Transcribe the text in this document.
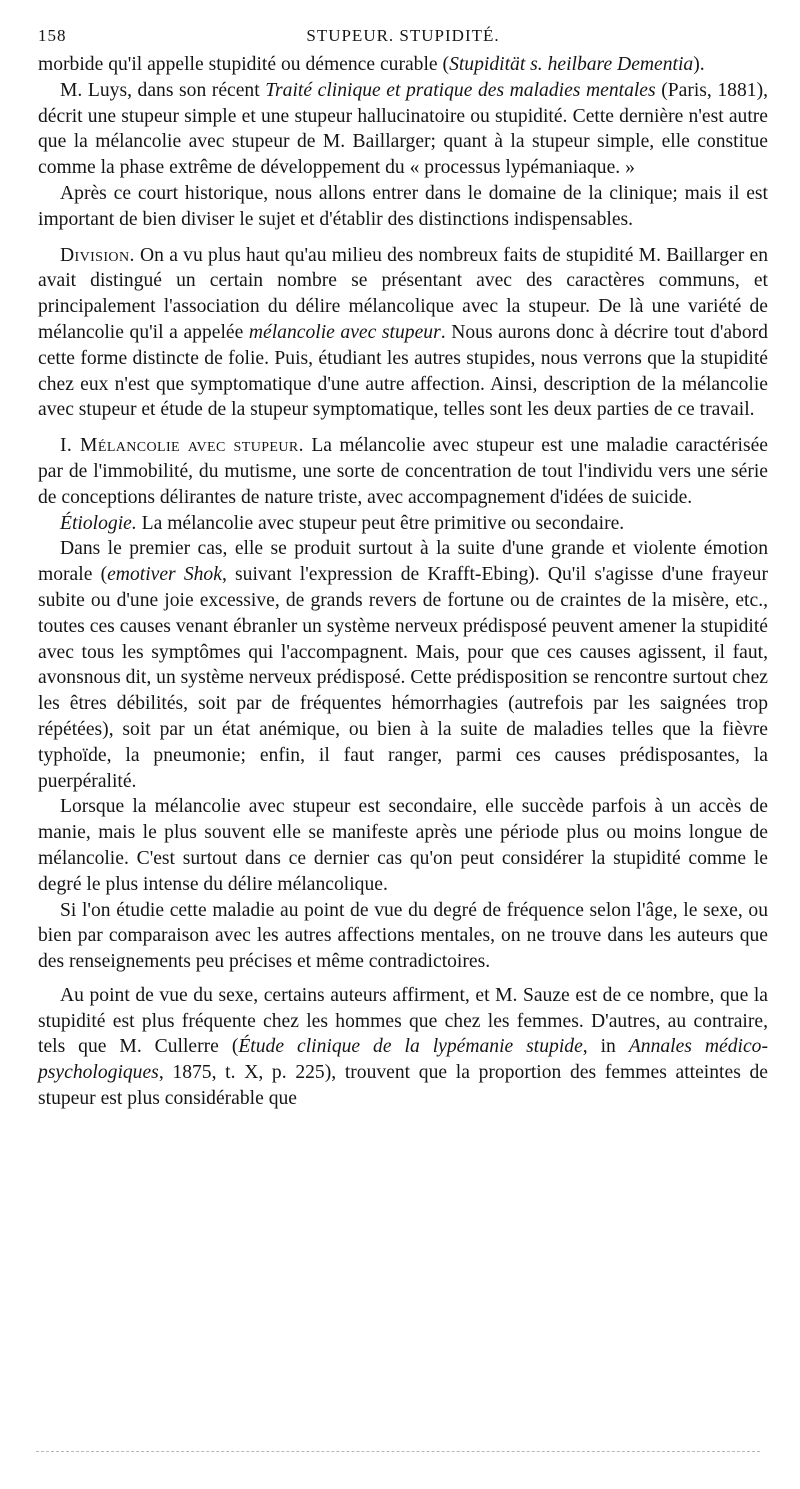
158	STUPEUR. STUPIDITÉ.

morbide qu'il appelle stupidité ou démence curable (Stupidität s. heilbare Dementia).

M. Luys, dans son récent Traité clinique et pratique des maladies mentales (Paris, 1881), décrit une stupeur simple et une stupeur hallucinatoire ou stupidité. Cette dernière n'est autre que la mélancolie avec stupeur de M. Baillarger; quant à la stupeur simple, elle constitue comme la phase extrême de développement du « processus lypémaniaque. »

Après ce court historique, nous allons entrer dans le domaine de la clinique; mais il est important de bien diviser le sujet et d'établir des distinctions indispensables.

Division. On a vu plus haut qu'au milieu des nombreux faits de stupidité M. Baillarger en avait distingué un certain nombre se présentant avec des caractères communs, et principalement l'association du délire mélancolique avec la stupeur. De là une variété de mélancolie qu'il a appelée mélancolie avec stupeur. Nous aurons donc à décrire tout d'abord cette forme distincte de folie. Puis, étudiant les autres stupides, nous verrons que la stupidité chez eux n'est que symptomatique d'une autre affection. Ainsi, description de la mélancolie avec stupeur et étude de la stupeur symptomatique, telles sont les deux parties de ce travail.

I. Mélancolie avec stupeur. La mélancolie avec stupeur est une maladie caractérisée par de l'immobilité, du mutisme, une sorte de concentration de tout l'individu vers une série de conceptions délirantes de nature triste, avec accompagnement d'idées de suicide.

Étiologie. La mélancolie avec stupeur peut être primitive ou secondaire.

Dans le premier cas, elle se produit surtout à la suite d'une grande et violente émotion morale (emotiver Shok, suivant l'expression de Krafft-Ebing). Qu'il s'agisse d'une frayeur subite ou d'une joie excessive, de grands revers de fortune ou de craintes de la misère, etc., toutes ces causes venant ébranler un système nerveux prédisposé peuvent amener la stupidité avec tous les symptômes qui l'accompagnent. Mais, pour que ces causes agissent, il faut, avonsnous dit, un système nerveux prédisposé. Cette prédisposition se rencontre surtout chez les êtres débilités, soit par de fréquentes hémorrhagies (autrefois par les saignées trop répétées), soit par un état anémique, ou bien à la suite de maladies telles que la fièvre typhoïde, la pneumonie; enfin, il faut ranger, parmi ces causes prédisposantes, la puerpéralité.

Lorsque la mélancolie avec stupeur est secondaire, elle succède parfois à un accès de manie, mais le plus souvent elle se manifeste après une période plus ou moins longue de mélancolie. C'est surtout dans ce dernier cas qu'on peut considérer la stupidité comme le degré le plus intense du délire mélancolique.

Si l'on étudie cette maladie au point de vue du degré de fréquence selon l'âge, le sexe, ou bien par comparaison avec les autres affections mentales, on ne trouve dans les auteurs que des renseignements peu précises et même contradictoires.

Au point de vue du sexe, certains auteurs affirment, et M. Sauze est de ce nombre, que la stupidité est plus fréquente chez les hommes que chez les femmes. D'autres, au contraire, tels que M. Cullerre (Étude clinique de la lypémanie stupide, in Annales médico-psychologiques, 1875, t. X, p. 225), trouvent que la proportion des femmes atteintes de stupeur est plus considérable que
